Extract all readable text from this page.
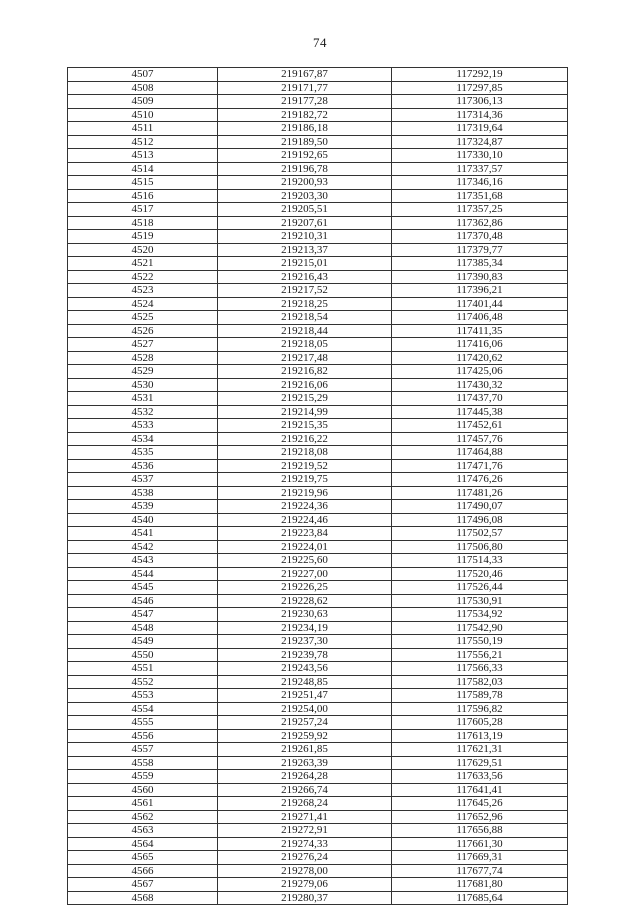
74
4507	219167,87	117292,19
4508	219171,77	117297,85
4509	219177,28	117306,13
4510	219182,72	117314,36
4511	219186,18	117319,64
4512	219189,50	117324,87
4513	219192,65	117330,10
4514	219196,78	117337,57
4515	219200,93	117346,16
4516	219203,30	117351,68
4517	219205,51	117357,25
4518	219207,61	117362,86
4519	219210,31	117370,48
4520	219213,37	117379,77
4521	219215,01	117385,34
4522	219216,43	117390,83
4523	219217,52	117396,21
4524	219218,25	117401,44
4525	219218,54	117406,48
4526	219218,44	117411,35
4527	219218,05	117416,06
4528	219217,48	117420,62
4529	219216,82	117425,06
4530	219216,06	117430,32
4531	219215,29	117437,70
4532	219214,99	117445,38
4533	219215,35	117452,61
4534	219216,22	117457,76
4535	219218,08	117464,88
4536	219219,52	117471,76
4537	219219,75	117476,26
4538	219219,96	117481,26
4539	219224,36	117490,07
4540	219224,46	117496,08
4541	219223,84	117502,57
4542	219224,01	117506,80
4543	219225,60	117514,33
4544	219227,00	117520,46
4545	219226,25	117526,44
4546	219228,62	117530,91
4547	219230,63	117534,92
4548	219234,19	117542,90
4549	219237,30	117550,19
4550	219239,78	117556,21
4551	219243,56	117566,33
4552	219248,85	117582,03
4553	219251,47	117589,78
4554	219254,00	117596,82
4555	219257,24	117605,28
4556	219259,92	117613,19
4557	219261,85	117621,31
4558	219263,39	117629,51
4559	219264,28	117633,56
4560	219266,74	117641,41
4561	219268,24	117645,26
4562	219271,41	117652,96
4563	219272,91	117656,88
4564	219274,33	117661,30
4565	219276,24	117669,31
4566	219278,00	117677,74
4567	219279,06	117681,80
4568	219280,37	117685,64
